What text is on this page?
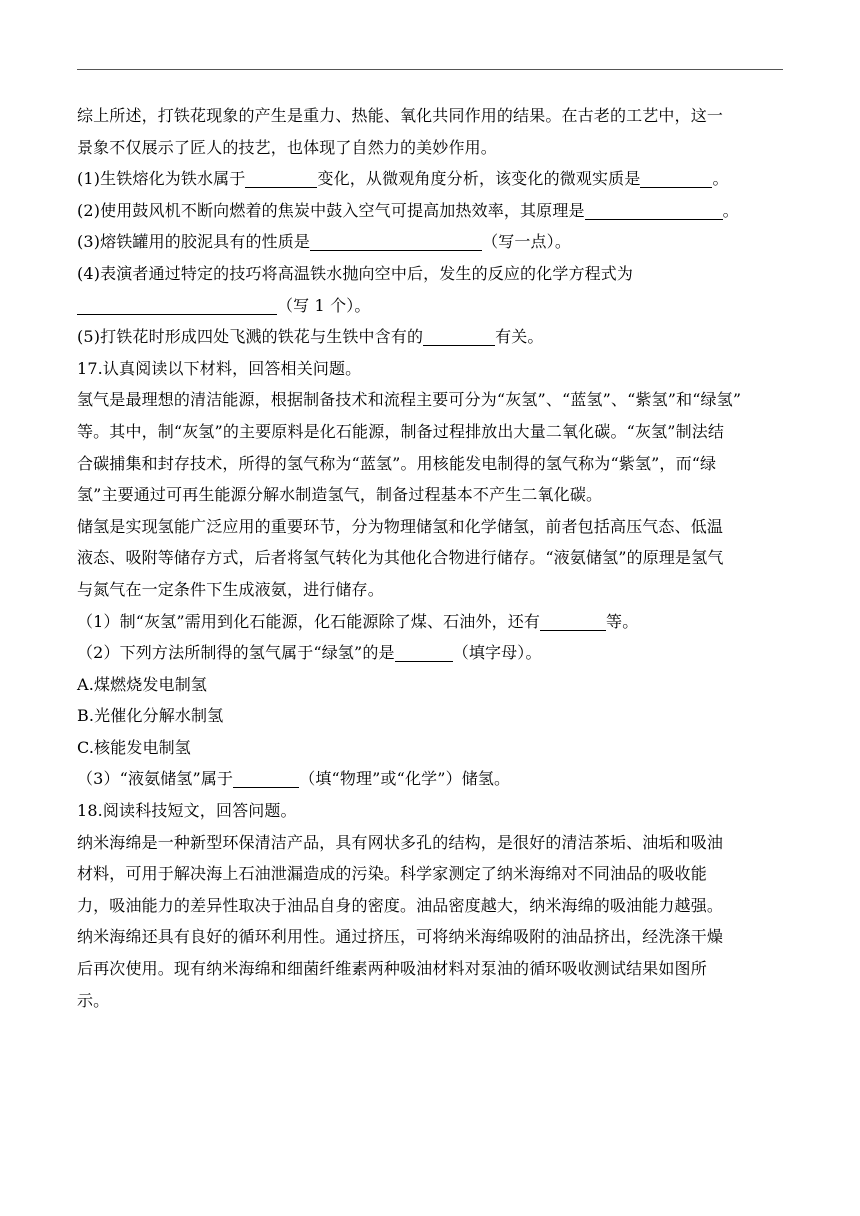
综上所述，打铁花现象的产生是重力、热能、氧化共同作用的结果。在古老的工艺中，这一
景象不仅展示了匠人的技艺，也体现了自然力的美妙作用。
(1)生铁熔化为铁水属于	变化，从微观角度分析，该变化的微观实质是	。
(2)使用鼓风机不断向燃着的焦炭中鼓入空气可提高加热效率，其原理是	。
(3)熔铁罐用的胶泥具有的性质是	（写一点）。
(4)表演者通过特定的技巧将高温铁水抛向空中后，发生的反应的化学方程式为
（写 1 个）。
(5)打铁花时形成四处飞溅的铁花与生铁中含有的	有关。
17.认真阅读以下材料，回答相关问题。
氢气是最理想的清洁能源，根据制备技术和流程主要可分为“灰氢”、“蓝氢”、“紫氢”和“绿氢”
等。其中，制“灰氢”的主要原料是化石能源，制备过程排放出大量二氧化碳。“灰氢”制法结
合碳捕集和封存技术，所得的氢气称为“蓝氢”。用核能发电制得的氢气称为“紫氢”，而“绿
氢”主要通过可再生能源分解水制造氢气，制备过程基本不产生二氧化碳。
储氢是实现氢能广泛应用的重要环节，分为物理储氢和化学储氢，前者包括高压气态、低温
液态、吸附等储存方式，后者将氢气转化为其他化合物进行储存。“液氨储氢”的原理是氢气
与氮气在一定条件下生成液氨，进行储存。
（1）制“灰氢”需用到化石能源，化石能源除了煤、石油外，还有	等。
（2）下列方法所制得的氢气属于“绿氢”的是	（填字母）。
A.煤燃烧发电制氢
B.光催化分解水制氢
C.核能发电制氢
（3）“液氨储氢”属于	（填“物理”或“化学”）储氢。
18.阅读科技短文，回答问题。
纳米海绵是一种新型环保清洁产品，具有网状多孔的结构，是很好的清洁茶垢、油垢和吸油
材料，可用于解决海上石油泄漏造成的污染。科学家测定了纳米海绵对不同油品的吸收能
力，吸油能力的差异性取决于油品自身的密度。油品密度越大，纳米海绵的吸油能力越强。
纳米海绵还具有良好的循环利用性。通过挤压，可将纳米海绵吸附的油品挤出，经洗涤干燥
后再次使用。现有纳米海绵和细菌纤维素两种吸油材料对泵油的循环吸收测试结果如图所
示。
